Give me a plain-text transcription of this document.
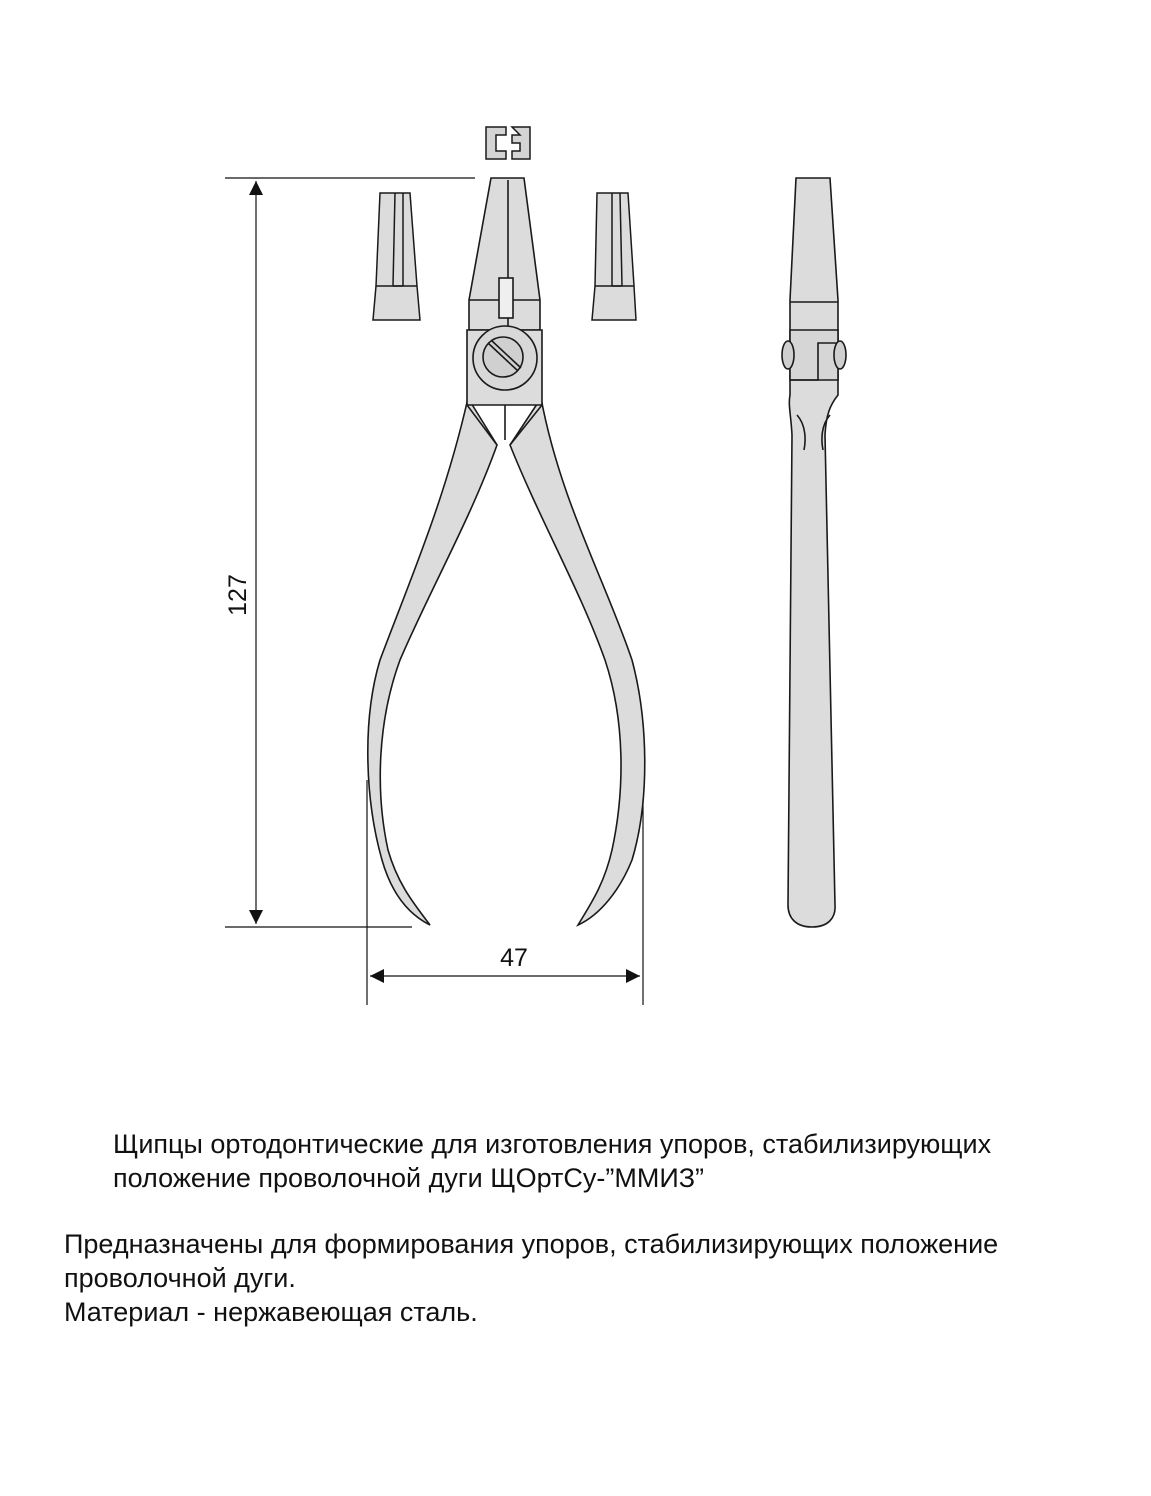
127
47
Щипцы ортодонтические для изготовления упоров, стабилизирующих
положение проволочной дуги ЩОртСу-”ММИЗ”
Предназначены для формирования упоров, стабилизирующих положение
проволочной дуги.
Материал - нержавеющая сталь.
